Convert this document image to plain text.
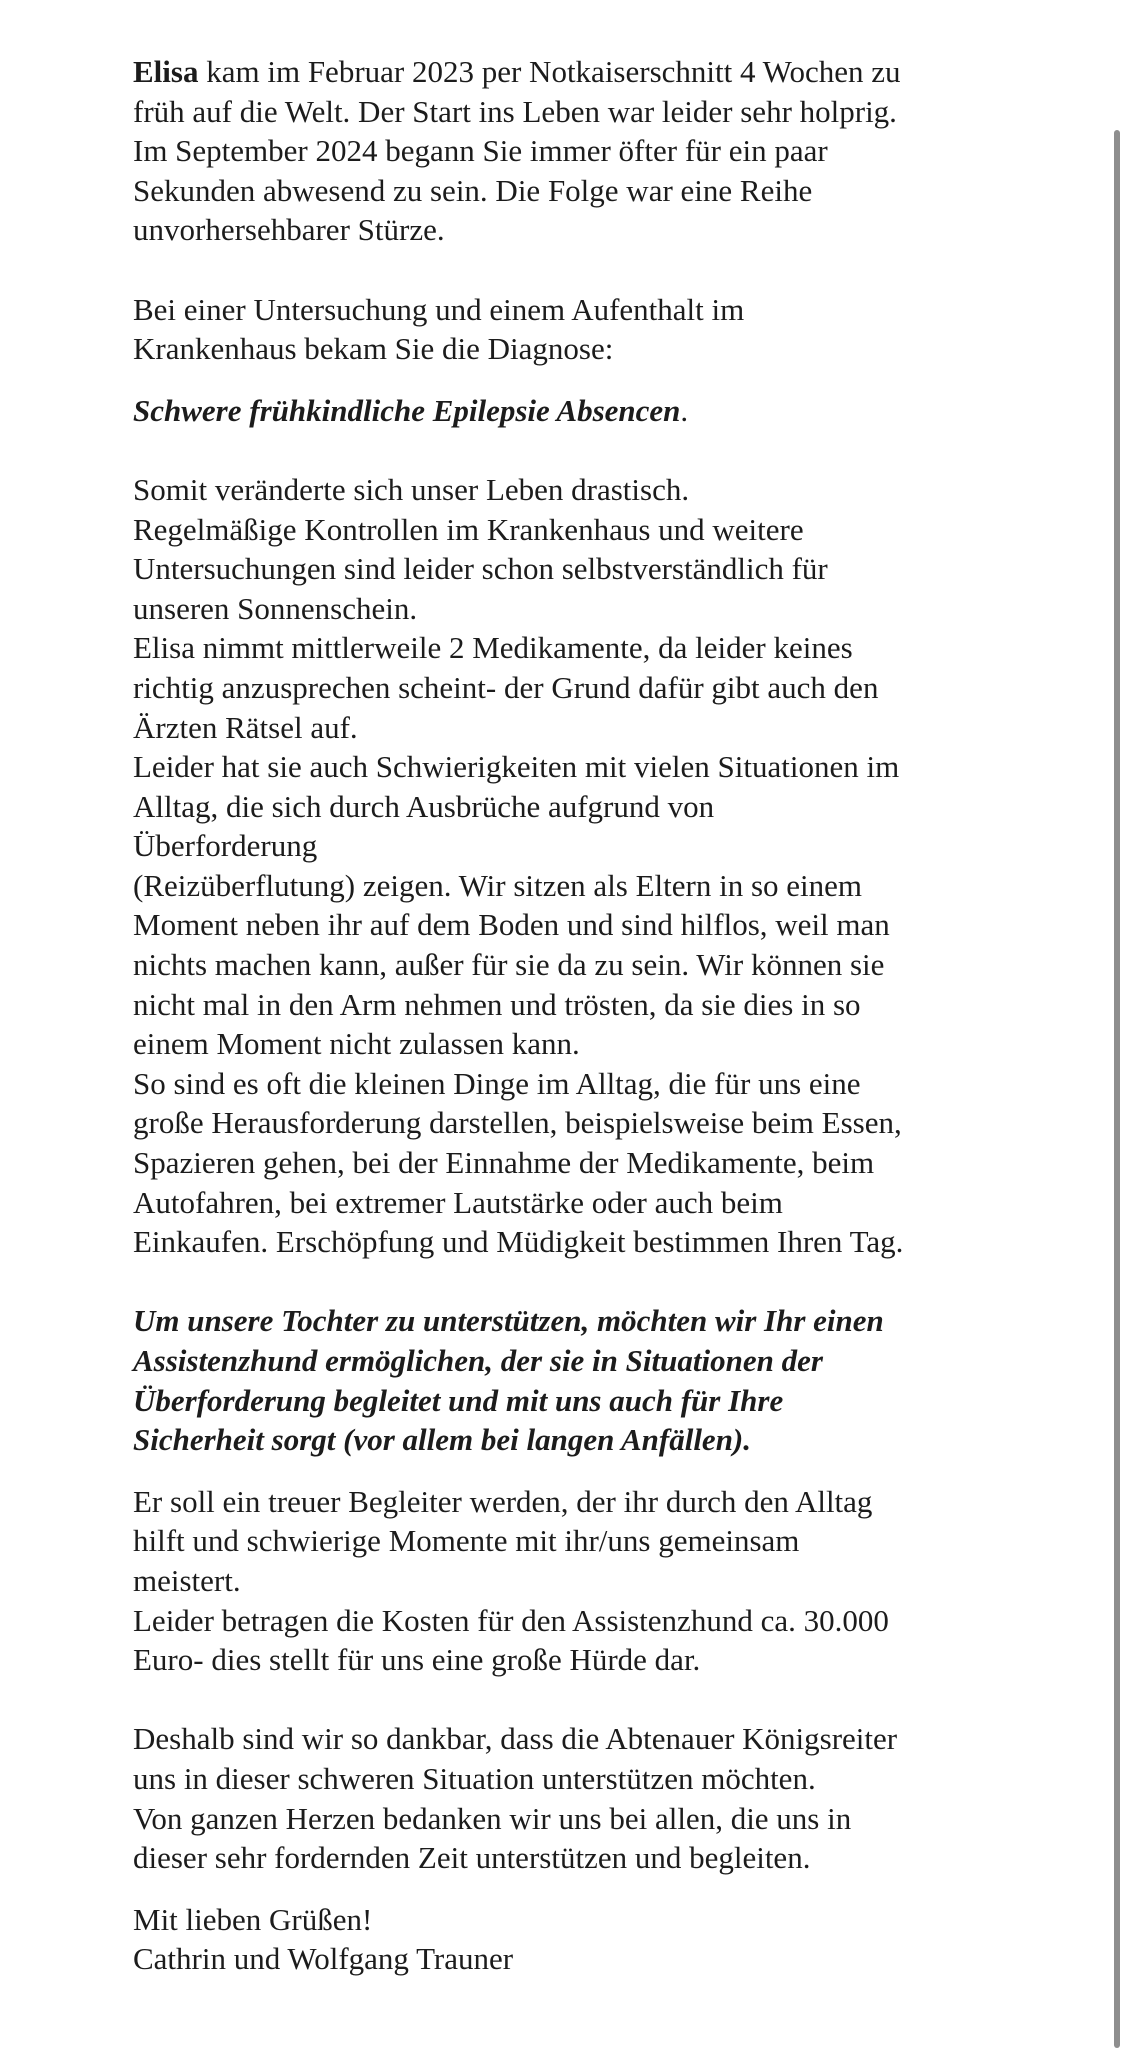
Elisa kam im Februar 2023 per Notkaiserschnitt 4 Wochen zu
früh auf die Welt. Der Start ins Leben war leider sehr holprig.
Im September 2024 begann Sie immer öfter für ein paar
Sekunden abwesend zu sein. Die Folge war eine Reihe
unvorhersehbarer Stürze.

Bei einer Untersuchung und einem Aufenthalt im
Krankenhaus bekam Sie die Diagnose:

Schwere frühkindliche Epilepsie Absencen.

Somit veränderte sich unser Leben drastisch.
Regelmäßige Kontrollen im Krankenhaus und weitere
Untersuchungen sind leider schon selbstverständlich für
unseren Sonnenschein.
Elisa nimmt mittlerweile 2 Medikamente, da leider keines
richtig anzusprechen scheint- der Grund dafür gibt auch den
Ärzten Rätsel auf.
Leider hat sie auch Schwierigkeiten mit vielen Situationen im
Alltag, die sich durch Ausbrüche aufgrund von
Überforderung
(Reizüberflutung) zeigen. Wir sitzen als Eltern in so einem
Moment neben ihr auf dem Boden und sind hilflos, weil man
nichts machen kann, außer für sie da zu sein. Wir können sie
nicht mal in den Arm nehmen und trösten, da sie dies in so
einem Moment nicht zulassen kann.
So sind es oft die kleinen Dinge im Alltag, die für uns eine
große Herausforderung darstellen, beispielsweise beim Essen,
Spazieren gehen, bei der Einnahme der Medikamente, beim
Autofahren, bei extremer Lautstärke oder auch beim
Einkaufen. Erschöpfung und Müdigkeit bestimmen Ihren Tag.

Um unsere Tochter zu unterstützen, möchten wir Ihr einen
Assistenzhund ermöglichen, der sie in Situationen der
Überforderung begleitet und mit uns auch für Ihre
Sicherheit sorgt (vor allem bei langen Anfällen).

Er soll ein treuer Begleiter werden, der ihr durch den Alltag
hilft und schwierige Momente mit ihr/uns gemeinsam
meistert.
Leider betragen die Kosten für den Assistenzhund ca. 30.000
Euro- dies stellt für uns eine große Hürde dar.

Deshalb sind wir so dankbar, dass die Abtenauer Königsreiter
uns in dieser schweren Situation unterstützen möchten.
Von ganzen Herzen bedanken wir uns bei allen, die uns in
dieser sehr fordernden Zeit unterstützen und begleiten.

Mit lieben Grüßen!
Cathrin und Wolfgang Trauner
